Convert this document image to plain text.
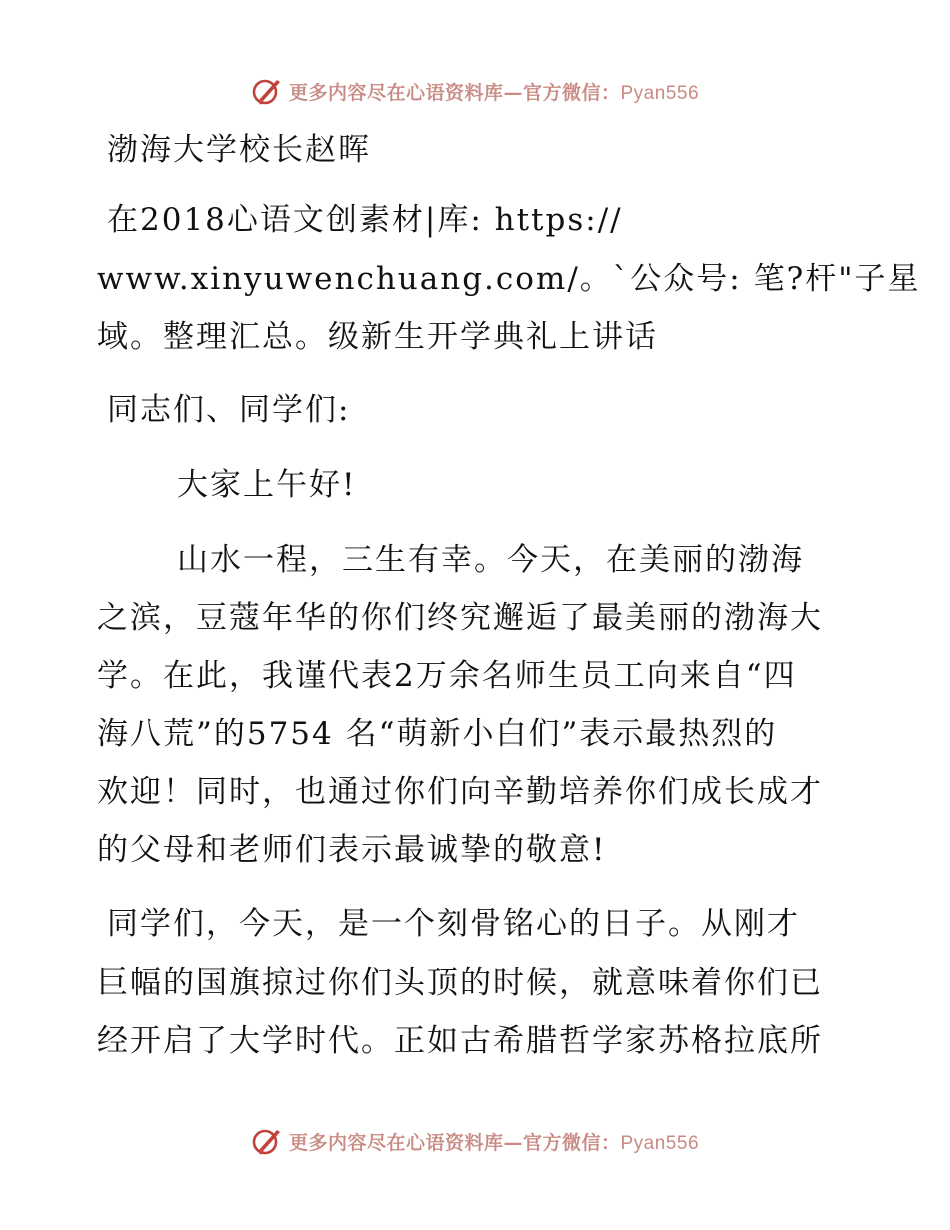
更多内容尽在心语资料库—官方微信：Pyan556
渤海大学校长赵晖
在2018心语文创素材|库: https://
www.xinyuwenchuang.com/。`公众号: 笔?杆"子星
域。整理汇总。级新生开学典礼上讲话
同志们、同学们:
大家上午好!
山水一程，三生有幸。今天，在美丽的渤海
之滨，豆蔻年华的你们终究邂逅了最美丽的渤海大
学。在此，我谨代表2万余名师生员工向来自“四
海八荒”的5754 名“萌新小白们”表示最热烈的
欢迎！同时，也通过你们向辛勤培养你们成长成才
的父母和老师们表示最诚挚的敬意!
同学们，今天，是一个刻骨铭心的日子。从刚才
巨幅的国旗掠过你们头顶的时候，就意味着你们已
经开启了大学时代。正如古希腊哲学家苏格拉底所
更多内容尽在心语资料库—官方微信：Pyan556
